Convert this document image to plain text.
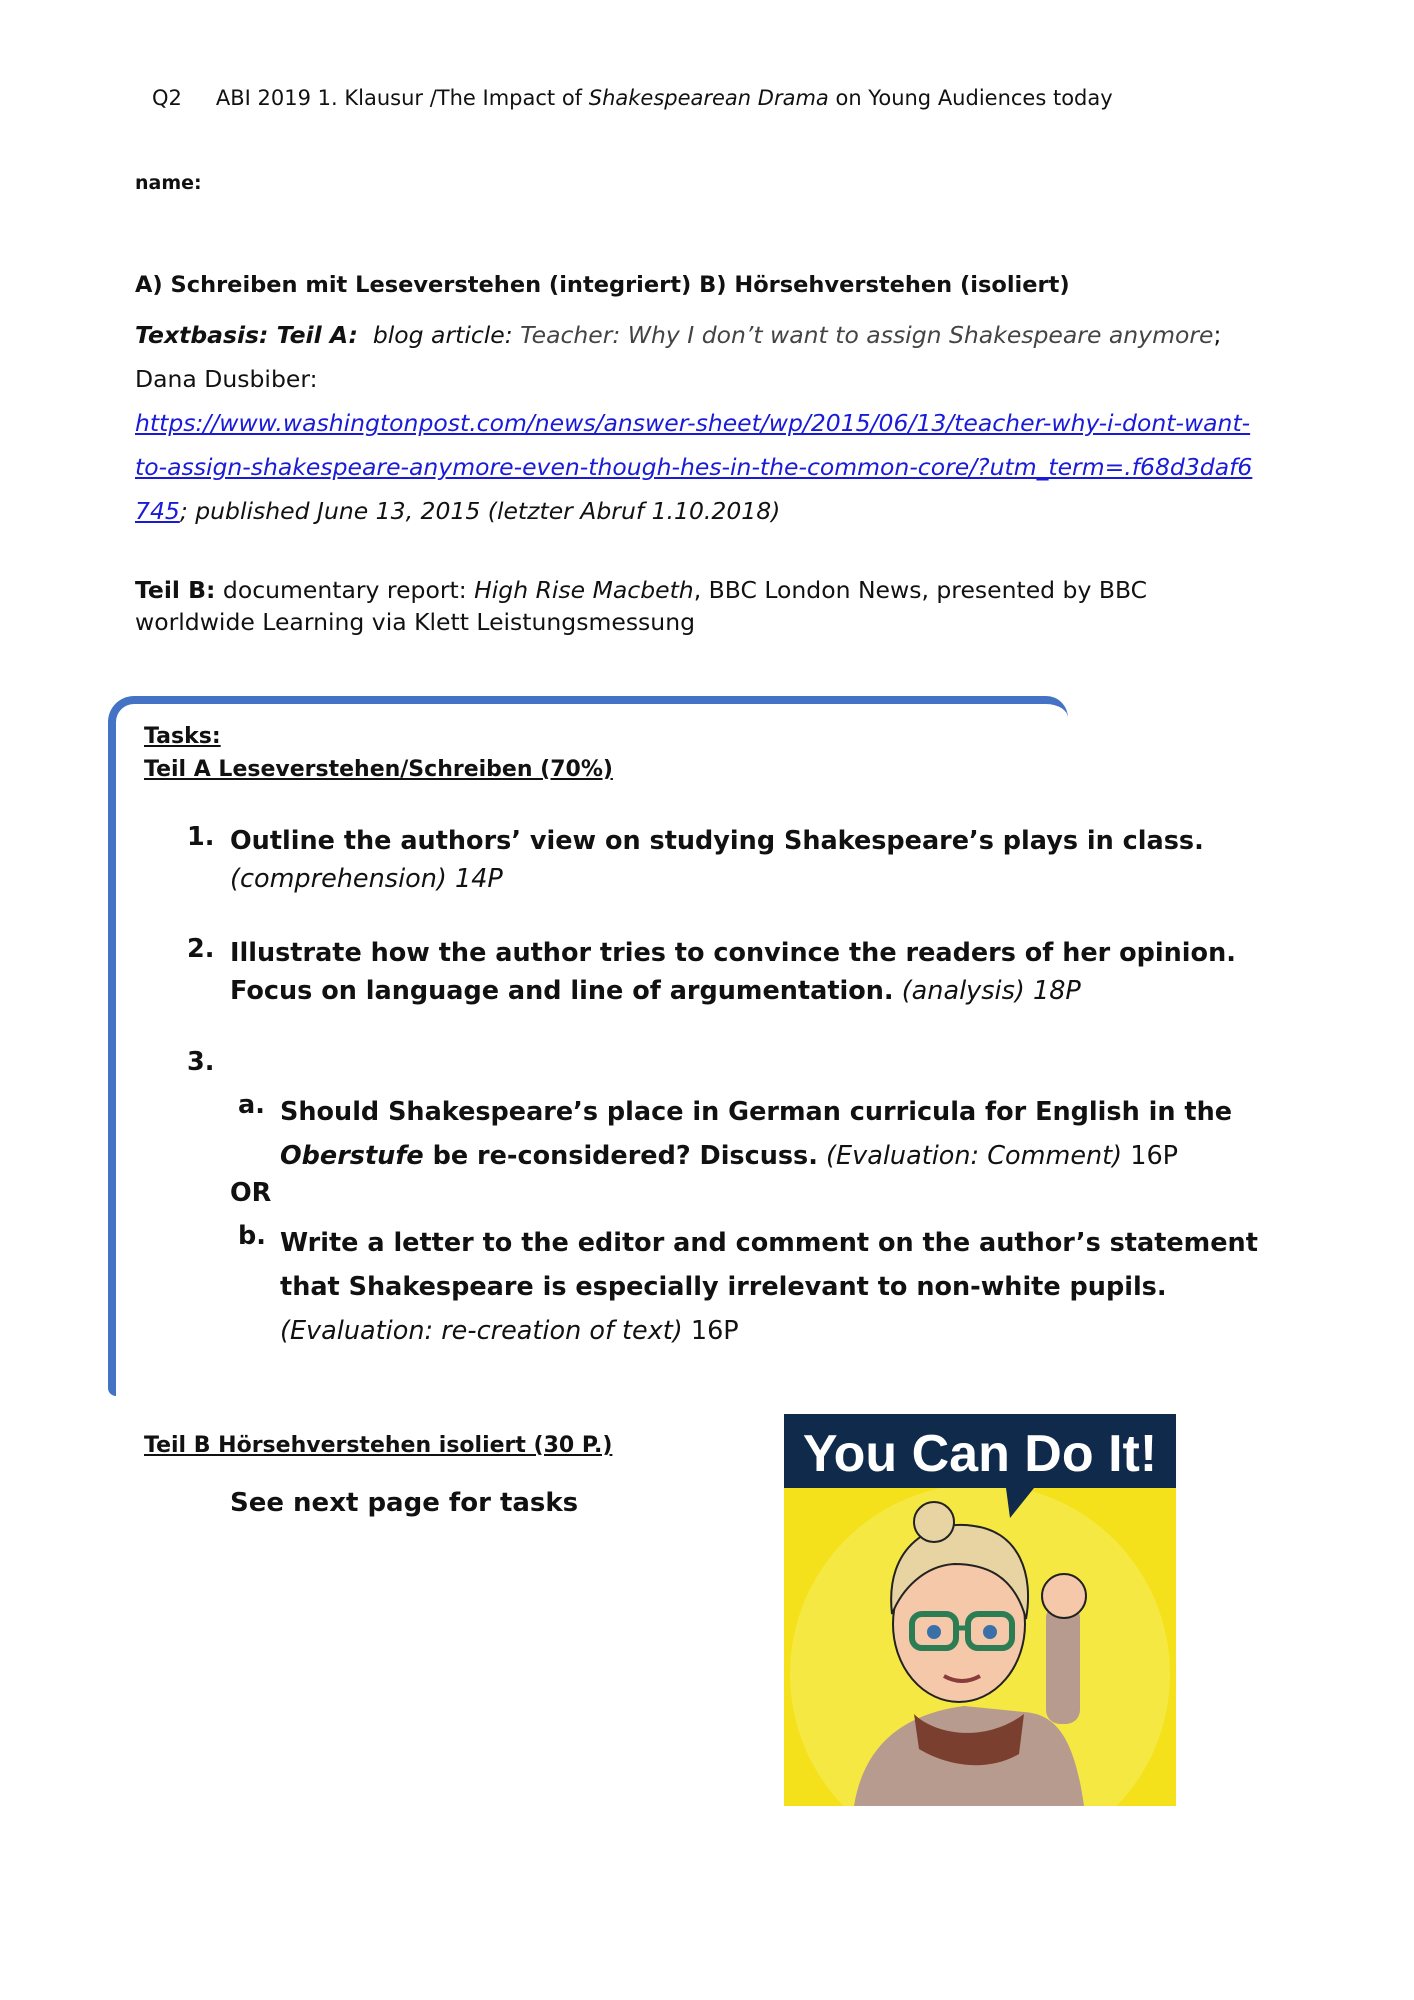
Q2 ABI 2019 1. Klausur /The Impact of Shakespearean Drama on Young Audiences today
name:
A) Schreiben mit Leseverstehen (integriert) B) Hörsehverstehen (isoliert)
Textbasis: Teil A: blog article: Teacher: Why I don’t want to assign Shakespeare anymore; Dana Dusbiber:
https://www.washingtonpost.com/news/answer-sheet/wp/2015/06/13/teacher-why-i-dont-want-to-assign-shakespeare-anymore-even-though-hes-in-the-common-core/?utm_term=.f68d3daf6745; published June 13, 2015 (letzter Abruf 1.10.2018)
Teil B: documentary report: High Rise Macbeth, BBC London News, presented by BBC worldwide Learning via Klett Leistungsmessung
Tasks:
Teil A Leseverstehen/Schreiben (70%)
1. Outline the authors’ view on studying Shakespeare’s plays in class. (comprehension) 14P
2. Illustrate how the author tries to convince the readers of her opinion. Focus on language and line of argumentation. (analysis) 18P
3.
a. Should Shakespeare’s place in German curricula for English in the Oberstufe be re-considered? Discuss. (Evaluation: Comment) 16P
OR
b. Write a letter to the editor and comment on the author’s statement that Shakespeare is especially irrelevant to non-white pupils. (Evaluation: re-creation of text) 16P
Teil B Hörsehverstehen isoliert (30 P.)
See next page for tasks
You Can Do It!
